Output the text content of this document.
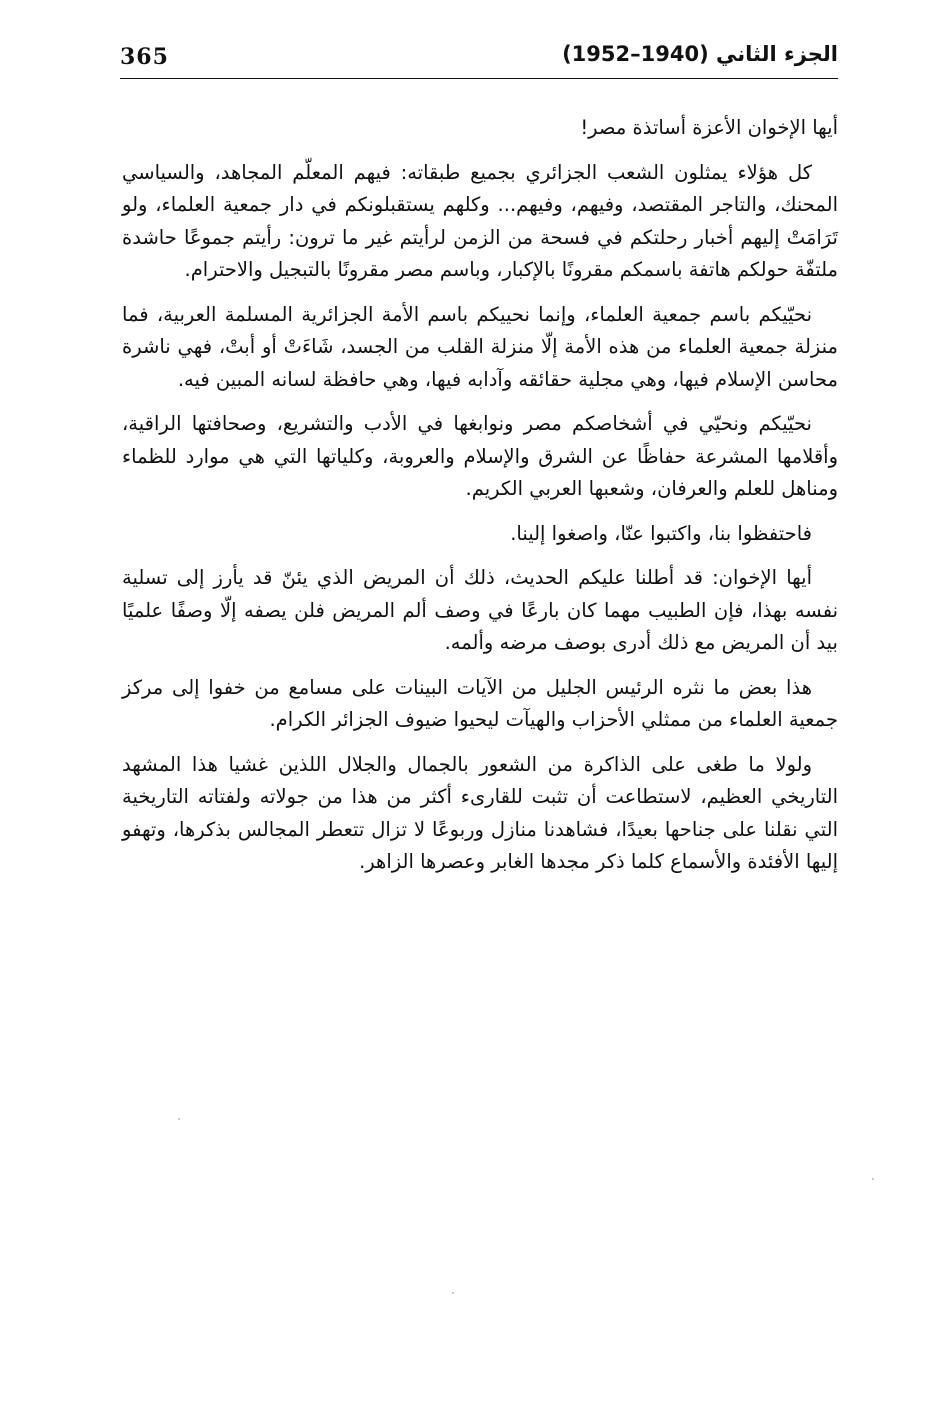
365	الجزء الثاني (1940–1952)

أيها الإخوان الأعزة أساتذة مصر!

كل هؤلاء يمثلون الشعب الجزائري بجميع طبقاته: فيهم المعلّم المجاهد، والسياسي المحنك، والتاجر المقتصد، وفيهم، وفيهم... وكلهم يستقبلونكم في دار جمعية العلماء، ولو تَرَامَتْ إليهم أخبار رحلتكم في فسحة من الزمن لرأيتم غير ما ترون: رأيتم جموعًا حاشدة ملتفّة حولكم هاتفة باسمكم مقرونًا بالإكبار، وباسم مصر مقرونًا بالتبجيل والاحترام.

نحيّيكم باسم جمعية العلماء، وإنما نحييكم باسم الأمة الجزائرية المسلمة العربية، فما منزلة جمعية العلماء من هذه الأمة إلّا منزلة القلب من الجسد، شَاءَتْ أو أبتْ، فهي ناشرة محاسن الإسلام فيها، وهي مجلية حقائقه وآدابه فيها، وهي حافظة لسانه المبين فيه.

نحيّيكم ونحيّي في أشخاصكم مصر ونوابغها في الأدب والتشريع، وصحافتها الراقية، وأقلامها المشرعة حفاظًا عن الشرق والإسلام والعروبة، وكلياتها التي هي موارد للظماء ومناهل للعلم والعرفان، وشعبها العربي الكريم.

فاحتفظوا بنا، واكتبوا عنّا، واصغوا إلينا.

أيها الإخوان: قد أطلنا عليكم الحديث، ذلك أن المريض الذي يئنّ قد يأرز إلى تسلية نفسه بهذا، فإن الطبيب مهما كان بارعًا في وصف ألم المريض فلن يصفه إلّا وصفًا علميًا بيد أن المريض مع ذلك أدرى بوصف مرضه وألمه.

هذا بعض ما نثره الرئيس الجليل من الآيات البينات على مسامع من خفوا إلى مركز جمعية العلماء من ممثلي الأحزاب والهيآت ليحيوا ضيوف الجزائر الكرام.

ولولا ما طغى على الذاكرة من الشعور بالجمال والجلال اللذين غشيا هذا المشهد التاريخي العظيم، لاستطاعت أن تثبت للقارىء أكثر من هذا من جولاته ولفتاته التاريخية التي نقلنا على جناحها بعيدًا، فشاهدنا منازل وربوعًا لا تزال تتعطر المجالس بذكرها، وتهفو إليها الأفئدة والأسماع كلما ذكر مجدها الغابر وعصرها الزاهر.
